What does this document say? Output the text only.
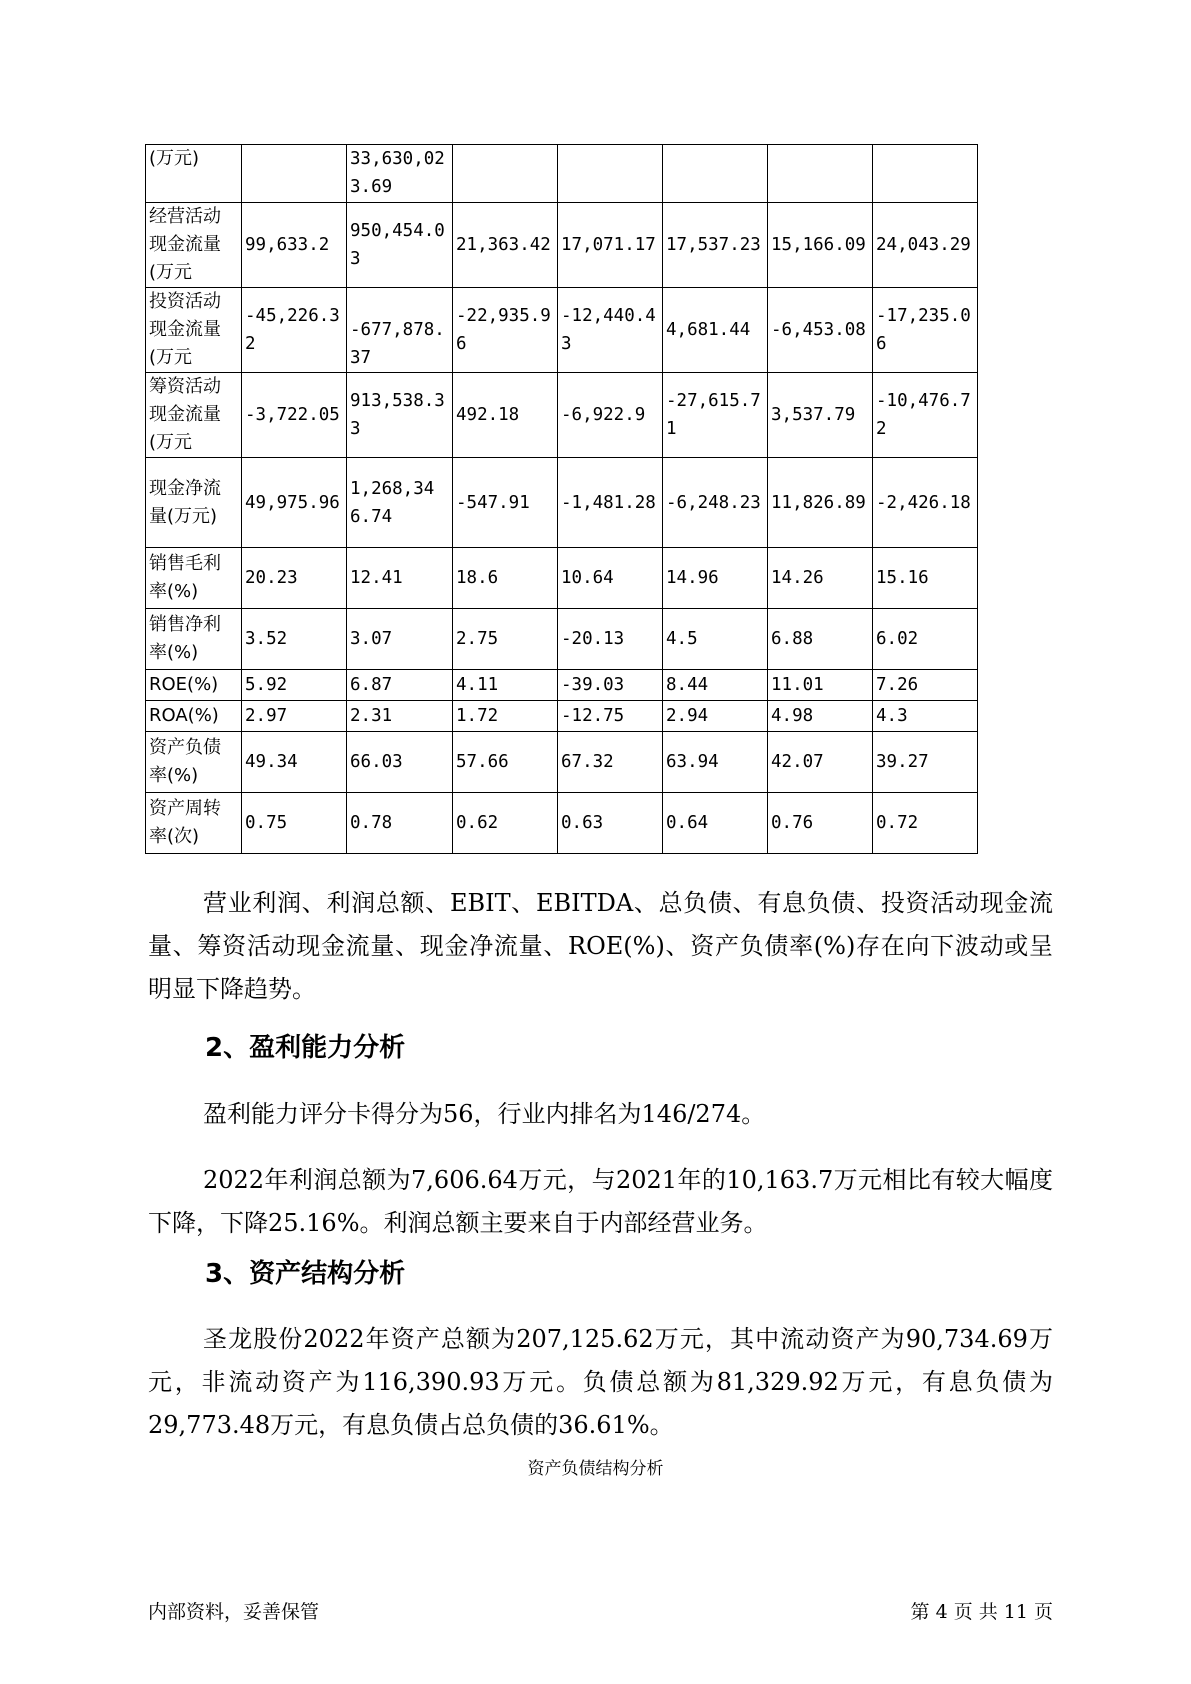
(万元)		33,630,023.69					
经营活动现金流量(万元	99,633.2	950,454.03	21,363.42	17,071.17	17,537.23	15,166.09	24,043.29
投资活动现金流量(万元	-45,226.32	-677,878.37	-22,935.96	-12,440.43	4,681.44	-6,453.08	-17,235.06
筹资活动现金流量(万元	-3,722.05	913,538.33	492.18	-6,922.9	-27,615.71	3,537.79	-10,476.72
现金净流量(万元)	49,975.96	1,268,346.74	-547.91	-1,481.28	-6,248.23	11,826.89	-2,426.18
销售毛利率(%)	20.23	12.41	18.6	10.64	14.96	14.26	15.16
销售净利率(%)	3.52	3.07	2.75	-20.13	4.5	6.88	6.02
ROE(%)	5.92	6.87	4.11	-39.03	8.44	11.01	7.26
ROA(%)	2.97	2.31	1.72	-12.75	2.94	4.98	4.3
资产负债率(%)	49.34	66.03	57.66	67.32	63.94	42.07	39.27
资产周转率(次)	0.75	0.78	0.62	0.63	0.64	0.76	0.72

营业利润、利润总额、EBIT、EBITDA、总负债、有息负债、投资活动现金流量、筹资活动现金流量、现金净流量、ROE(%)、资产负债率(%)存在向下波动或呈明显下降趋势。

2、盈利能力分析

盈利能力评分卡得分为56，行业内排名为146/274。

2022年利润总额为7,606.64万元，与2021年的10,163.7万元相比有较大幅度下降，下降25.16%。利润总额主要来自于内部经营业务。

3、资产结构分析

圣龙股份2022年资产总额为207,125.62万元，其中流动资产为90,734.69万元，非流动资产为116,390.93万元。负债总额为81,329.92万元，有息负债为29,773.48万元，有息负债占总负债的36.61%。

资产负债结构分析

内部资料，妥善保管	第 4 页 共 11 页
